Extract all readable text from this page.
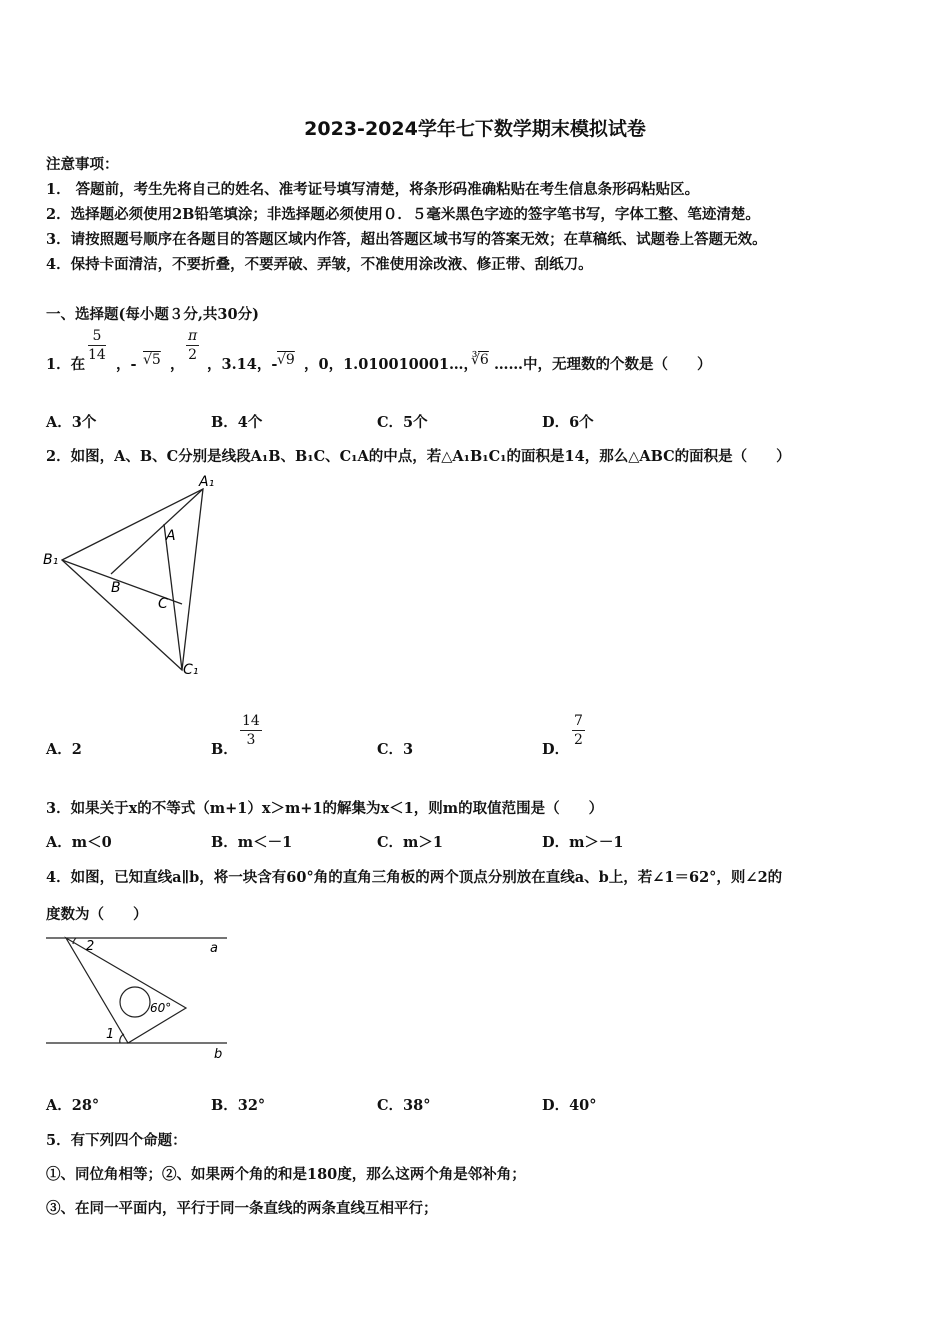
2023-2024学年七下数学期末模拟试卷
注意事项：
1． 答题前，考生先将自己的姓名、准考证号填写清楚，将条形码准确粘贴在考生信息条形码粘贴区。
2．选择题必须使用2B铅笔填涂；非选择题必须使用０．５毫米黑色字迹的签字笔书写，字体工整、笔迹清楚。
3．请按照题号顺序在各题目的答题区域内作答，超出答题区域书写的答案无效；在草稿纸、试题卷上答题无效。
4．保持卡面清洁，不要折叠，不要弄破、弄皱，不准使用涂改液、修正带、刮纸刀。
一、选择题(每小题３分,共30分)
1．在
$\frac{5}{14}$
，- √5 ，
$\frac{\pi}{2}$
，3.14，- √9 ，0，1.010010001…，
∛6 ……中，无理数的个数是（　　）
A．3个	B．4个	C．5个	D．6个
2．如图，A、B、C分别是线段A₁B、B₁C、C₁A的中点，若△A₁B₁C₁的面积是14，那么△ABC的面积是（　　）
A₁
B₁
C₁
A
B
C
A．2	B．
$\frac{14}{3}$
C．3	D．
$\frac{7}{2}$
3．如果关于x的不等式（m+1）x＞m+1的解集为x＜1，则m的取值范围是（　　）
A．m＜0	B．m＜－1	C．m＞1	D．m＞－1
4．如图，已知直线a∥b，将一块含有60°角的直角三角板的两个顶点分别放在直线a、b上，若∠1＝62°，则∠2的
度数为（　　）
2	a
60°
1
b
A．28°	B．32°	C．38°	D．40°
5．有下列四个命题：
①、同位角相等；②、如果两个角的和是180度，那么这两个角是邻补角；
③、在同一平面内，平行于同一条直线的两条直线互相平行；
